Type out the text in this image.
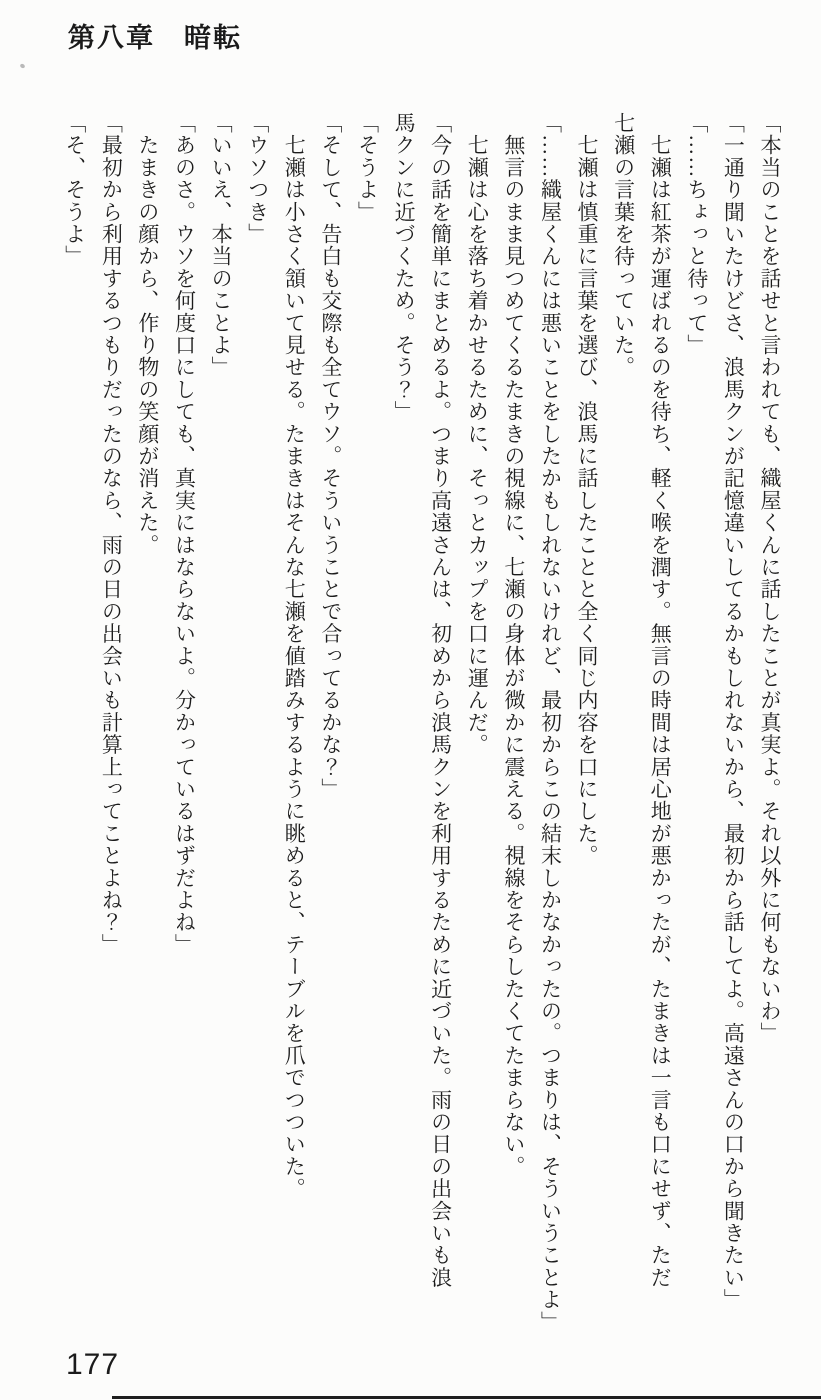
第八章　暗転
「本当のことを話せと言われても、織屋くんに話したことが真実よ。それ以外に何もないわ」
「一通り聞いたけどさ、浪馬クンが記憶違いしてるかもしれないから、最初から話してよ。高遠さんの口から聞きたい」
「……ちょっと待って」
　七瀬は紅茶が運ばれるのを待ち、軽く喉を潤す。無言の時間は居心地が悪かったが、たまきは一言も口にせず、ただ
七瀬の言葉を待っていた。
　七瀬は慎重に言葉を選び、浪馬に話したことと全く同じ内容を口にした。
「……織屋くんには悪いことをしたかもしれないけれど、最初からこの結末しかなかったの。つまりは、そういうことよ」
　無言のまま見つめてくるたまきの視線に、七瀬の身体が微かに震える。視線をそらしたくてたまらない。
　七瀬は心を落ち着かせるために、そっとカップを口に運んだ。
「今の話を簡単にまとめるよ。つまり高遠さんは、初めから浪馬クンを利用するために近づいた。雨の日の出会いも浪
馬クンに近づくため。そう？」
「そうよ」
「そして、告白も交際も全てウソ。そういうことで合ってるかな？」
　七瀬は小さく頷いて見せる。たまきはそんな七瀬を値踏みするように眺めると、テーブルを爪でつついた。
「ウソつき」
「いいえ、本当のことよ」
「あのさ。ウソを何度口にしても、真実にはならないよ。分かっているはずだよね」
　たまきの顔から、作り物の笑顔が消えた。
「最初から利用するつもりだったのなら、雨の日の出会いも計算上ってことよね？」
「そ、そうよ」
177
